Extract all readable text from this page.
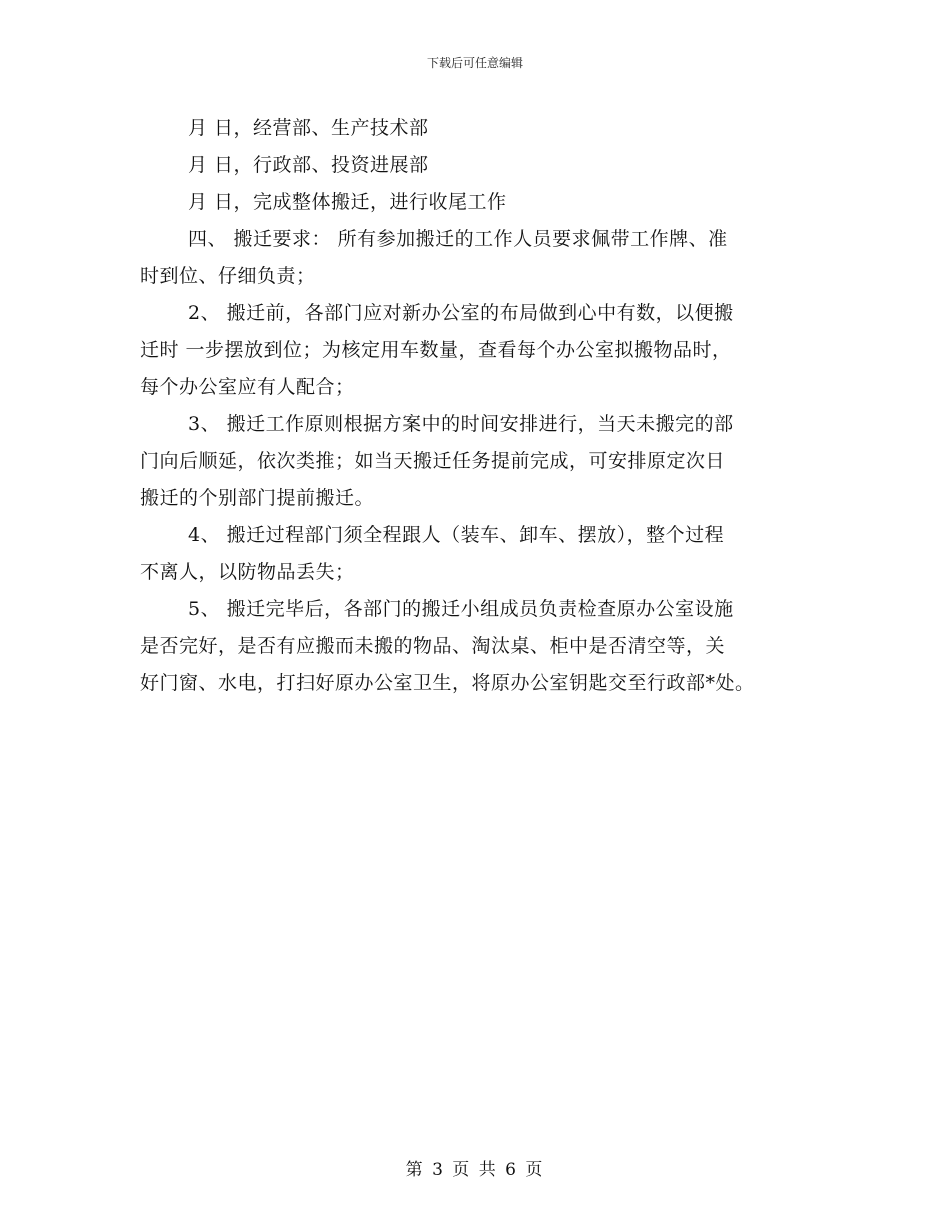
下载后可任意编辑
月 日，经营部、生产技术部
月 日，行政部、投资进展部
月 日，完成整体搬迁，进行收尾工作
四、 搬迁要求： 所有参加搬迁的工作人员要求佩带工作牌、准
时到位、仔细负责；
2、 搬迁前，各部门应对新办公室的布局做到心中有数，以便搬
迁时 一步摆放到位；为核定用车数量，查看每个办公室拟搬物品时，
每个办公室应有人配合；
3、 搬迁工作原则根据方案中的时间安排进行，当天未搬完的部
门向后顺延，依次类推；如当天搬迁任务提前完成，可安排原定次日
搬迁的个别部门提前搬迁。
4、 搬迁过程部门须全程跟人（装车、卸车、摆放），整个过程
不离人，以防物品丢失；
5、 搬迁完毕后，各部门的搬迁小组成员负责检查原办公室设施
是否完好，是否有应搬而未搬的物品、淘汰桌、柜中是否清空等，关
好门窗、水电，打扫好原办公室卫生，将原办公室钥匙交至行政部*处。
第 3 页 共 6 页
